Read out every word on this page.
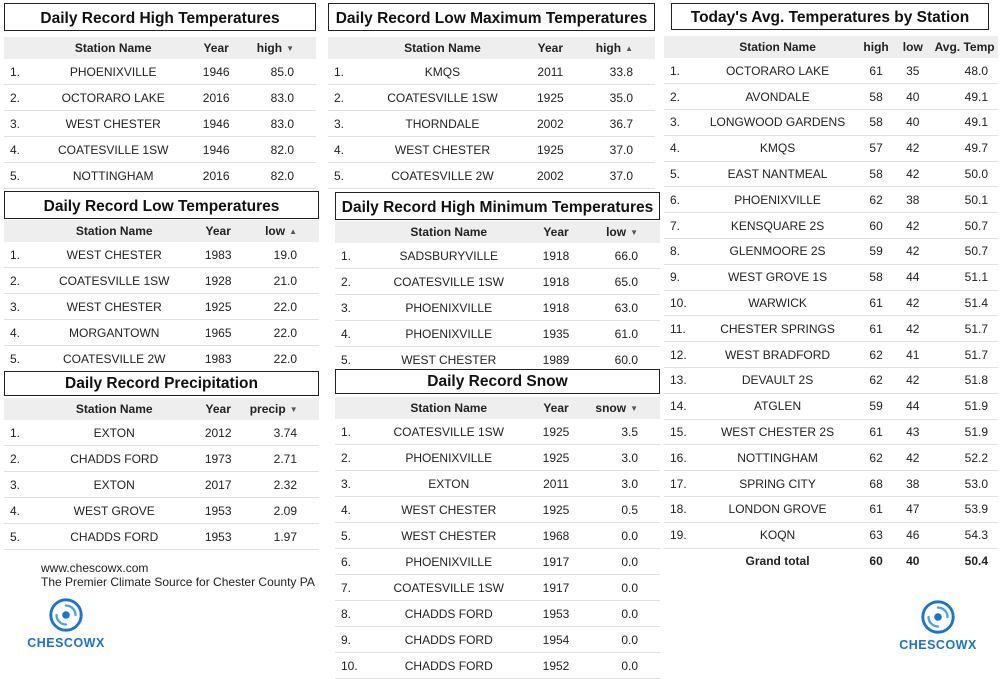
Daily Record High Temperatures
	Station Name	Year	high ▼
1.	PHOENIXVILLE	1946	85.0
2.	OCTORARO LAKE	2016	83.0
3.	WEST CHESTER	1946	83.0
4.	COATESVILLE 1SW	1946	82.0
5.	NOTTINGHAM	2016	82.0
Daily Record Low Maximum Temperatures
	Station Name	Year	high ▲
1.	KMQS	2011	33.8
2.	COATESVILLE 1SW	1925	35.0
3.	THORNDALE	2002	36.7
4.	WEST CHESTER	1925	37.0
5.	COATESVILLE 2W	2002	37.0
Daily Record Low Temperatures
	Station Name	Year	low ▲
1.	WEST CHESTER	1983	19.0
2.	COATESVILLE 1SW	1928	21.0
3.	WEST CHESTER	1925	22.0
4.	MORGANTOWN	1965	22.0
5.	COATESVILLE 2W	1983	22.0
Daily Record High Minimum Temperatures
	Station Name	Year	low ▼
1.	SADSBURYVILLE	1918	66.0
2.	COATESVILLE 1SW	1918	65.0
3.	PHOENIXVILLE	1918	63.0
4.	PHOENIXVILLE	1935	61.0
5.	WEST CHESTER	1989	60.0
Daily Record Precipitation
	Station Name	Year	precip ▼
1.	EXTON	2012	3.74
2.	CHADDS FORD	1973	2.71
3.	EXTON	2017	2.32
4.	WEST GROVE	1953	2.09
5.	CHADDS FORD	1953	1.97
Daily Record Snow
	Station Name	Year	snow ▼
1.	COATESVILLE 1SW	1925	3.5
2.	PHOENIXVILLE	1925	3.0
3.	EXTON	2011	3.0
4.	WEST CHESTER	1925	0.5
5.	WEST CHESTER	1968	0.0
6.	PHOENIXVILLE	1917	0.0
7.	COATESVILLE 1SW	1917	0.0
8.	CHADDS FORD	1953	0.0
9.	CHADDS FORD	1954	0.0
10.	CHADDS FORD	1952	0.0
Today's Avg. Temperatures by Station
	Station Name	high	low	Avg. Temp
1.	OCTORARO LAKE	61	35	48.0
2.	AVONDALE	58	40	49.1
3.	LONGWOOD GARDENS	58	40	49.1
4.	KMQS	57	42	49.7
5.	EAST NANTMEAL	58	42	50.0
6.	PHOENIXVILLE	62	38	50.1
7.	KENSQUARE 2S	60	42	50.7
8.	GLENMOORE 2S	59	42	50.7
9.	WEST GROVE 1S	58	44	51.1
10.	WARWICK	61	42	51.4
11.	CHESTER SPRINGS	61	42	51.7
12.	WEST BRADFORD	62	41	51.7
13.	DEVAULT 2S	62	42	51.8
14.	ATGLEN	59	44	51.9
15.	WEST CHESTER 2S	61	43	51.9
16.	NOTTINGHAM	62	42	52.2
17.	SPRING CITY	68	38	53.0
18.	LONDON GROVE	61	47	53.9
19.	KOQN	63	46	54.3
	Grand total	60	40	50.4
www.chescowx.com
The Premier Climate Source for Chester County PA
CHESCOWX	CHESCOWX
